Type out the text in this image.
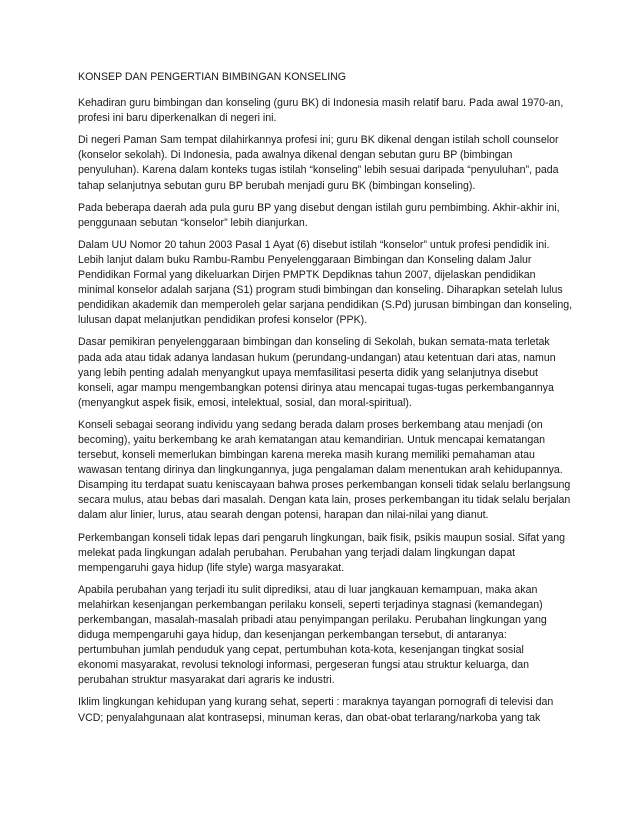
KONSEP DAN PENGERTIAN BIMBINGAN KONSELING
Kehadiran guru bimbingan dan konseling (guru BK) di Indonesia masih relatif baru. Pada awal 1970-an,
profesi ini baru diperkenalkan di negeri ini.
Di negeri Paman Sam tempat dilahirkannya profesi ini; guru BK dikenal dengan istilah scholl counselor
(konselor sekolah). Di Indonesia, pada awalnya dikenal dengan sebutan guru BP (bimbingan
penyuluhan). Karena dalam konteks tugas istilah “konseling” lebih sesuai daripada “penyuluhan”, pada
tahap selanjutnya sebutan guru BP berubah menjadi guru BK (bimbingan konseling).
Pada beberapa daerah ada pula guru BP yang disebut dengan istilah guru pembimbing. Akhir-akhir ini,
penggunaan sebutan “konselor” lebih dianjurkan.
Dalam UU Nomor 20 tahun 2003 Pasal 1 Ayat (6) disebut istilah “konselor” untuk profesi pendidik ini.
Lebih lanjut dalam buku Rambu-Rambu Penyelenggaraan Bimbingan dan Konseling dalam Jalur
Pendidikan Formal yang dikeluarkan Dirjen PMPTK Depdiknas tahun 2007, dijelaskan pendidikan
minimal konselor adalah sarjana (S1) program studi bimbingan dan konseling. Diharapkan setelah lulus
pendidikan akademik dan memperoleh gelar sarjana pendidikan (S.Pd) jurusan bimbingan dan konseling,
lulusan dapat melanjutkan pendidikan profesi konselor (PPK).
Dasar pemikiran penyelenggaraan bimbingan dan konseling di Sekolah, bukan semata-mata terletak
pada ada atau tidak adanya landasan hukum (perundang-undangan) atau ketentuan dari atas, namun
yang lebih penting adalah menyangkut upaya memfasilitasi peserta didik yang selanjutnya disebut
konseli, agar mampu mengembangkan potensi dirinya atau mencapai tugas-tugas perkembangannya
(menyangkut aspek fisik, emosi, intelektual, sosial, dan moral-spiritual).
Konseli sebagai seorang individu yang sedang berada dalam proses berkembang atau menjadi (on
becoming), yaitu berkembang ke arah kematangan atau kemandirian. Untuk mencapai kematangan
tersebut, konseli memerlukan bimbingan karena mereka masih kurang memiliki pemahaman atau
wawasan tentang dirinya dan lingkungannya, juga pengalaman dalam menentukan arah kehidupannya.
Disamping itu terdapat suatu keniscayaan bahwa proses perkembangan konseli tidak selalu berlangsung
secara mulus, atau bebas dari masalah. Dengan kata lain, proses perkembangan itu tidak selalu berjalan
dalam alur linier, lurus, atau searah dengan potensi, harapan dan nilai-nilai yang dianut.
Perkembangan konseli tidak lepas dari pengaruh lingkungan, baik fisik, psikis maupun sosial. Sifat yang
melekat pada lingkungan adalah perubahan. Perubahan yang terjadi dalam lingkungan dapat
mempengaruhi gaya hidup (life style) warga masyarakat.
Apabila perubahan yang terjadi itu sulit diprediksi, atau di luar jangkauan kemampuan, maka akan
melahirkan kesenjangan perkembangan perilaku konseli, seperti terjadinya stagnasi (kemandegan)
perkembangan, masalah-masalah pribadi atau penyimpangan perilaku. Perubahan lingkungan yang
diduga mempengaruhi gaya hidup, dan kesenjangan perkembangan tersebut, di antaranya:
pertumbuhan jumlah penduduk yang cepat, pertumbuhan kota-kota, kesenjangan tingkat sosial
ekonomi masyarakat, revolusi teknologi informasi, pergeseran fungsi atau struktur keluarga, dan
perubahan struktur masyarakat dari agraris ke industri.
Iklim lingkungan kehidupan yang kurang sehat, seperti : maraknya tayangan pornografi di televisi dan
VCD; penyalahgunaan alat kontrasepsi, minuman keras, dan obat-obat terlarang/narkoba yang tak
